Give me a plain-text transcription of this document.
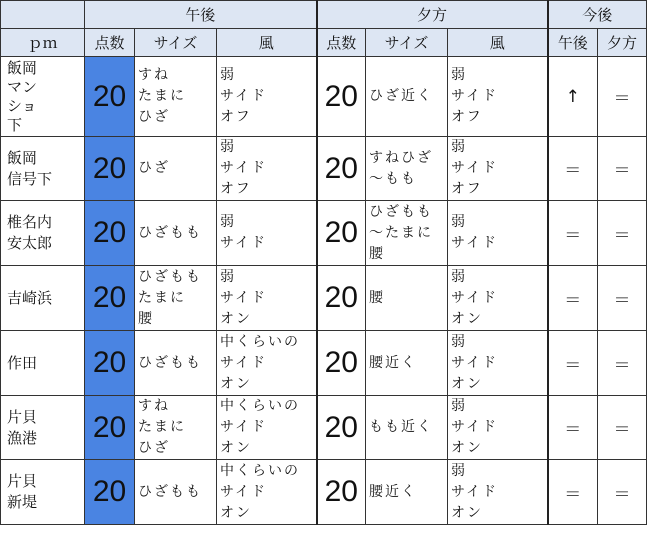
	午後			夕方			今後	
ｐｍ	点数	サイズ	風	点数	サイズ	風	午後	夕方
飯岡
マン
ショ
下	20	すね
たまに
ひざ	弱
サイド
オフ	20	ひざ近く	弱
サイド
オフ	↑	＝
飯岡
信号下	20	ひざ	弱
サイド
オフ	20	すねひざ
〜もも	弱
サイド
オフ	＝	＝
椎名内
安太郎	20	ひざもも	弱
サイド	20	ひざもも
〜たまに
腰	弱
サイド	＝	＝
吉崎浜	20	ひざもも
たまに
腰	弱
サイド
オン	20	腰	弱
サイド
オン	＝	＝
作田	20	ひざもも	中くらいの
サイド
オン	20	腰近く	弱
サイド
オン	＝	＝
片貝
漁港	20	すね
たまに
ひざ	中くらいの
サイド
オン	20	もも近く	弱
サイド
オン	＝	＝
片貝
新堤	20	ひざもも	中くらいの
サイド
オン	20	腰近く	弱
サイド
オン	＝	＝
